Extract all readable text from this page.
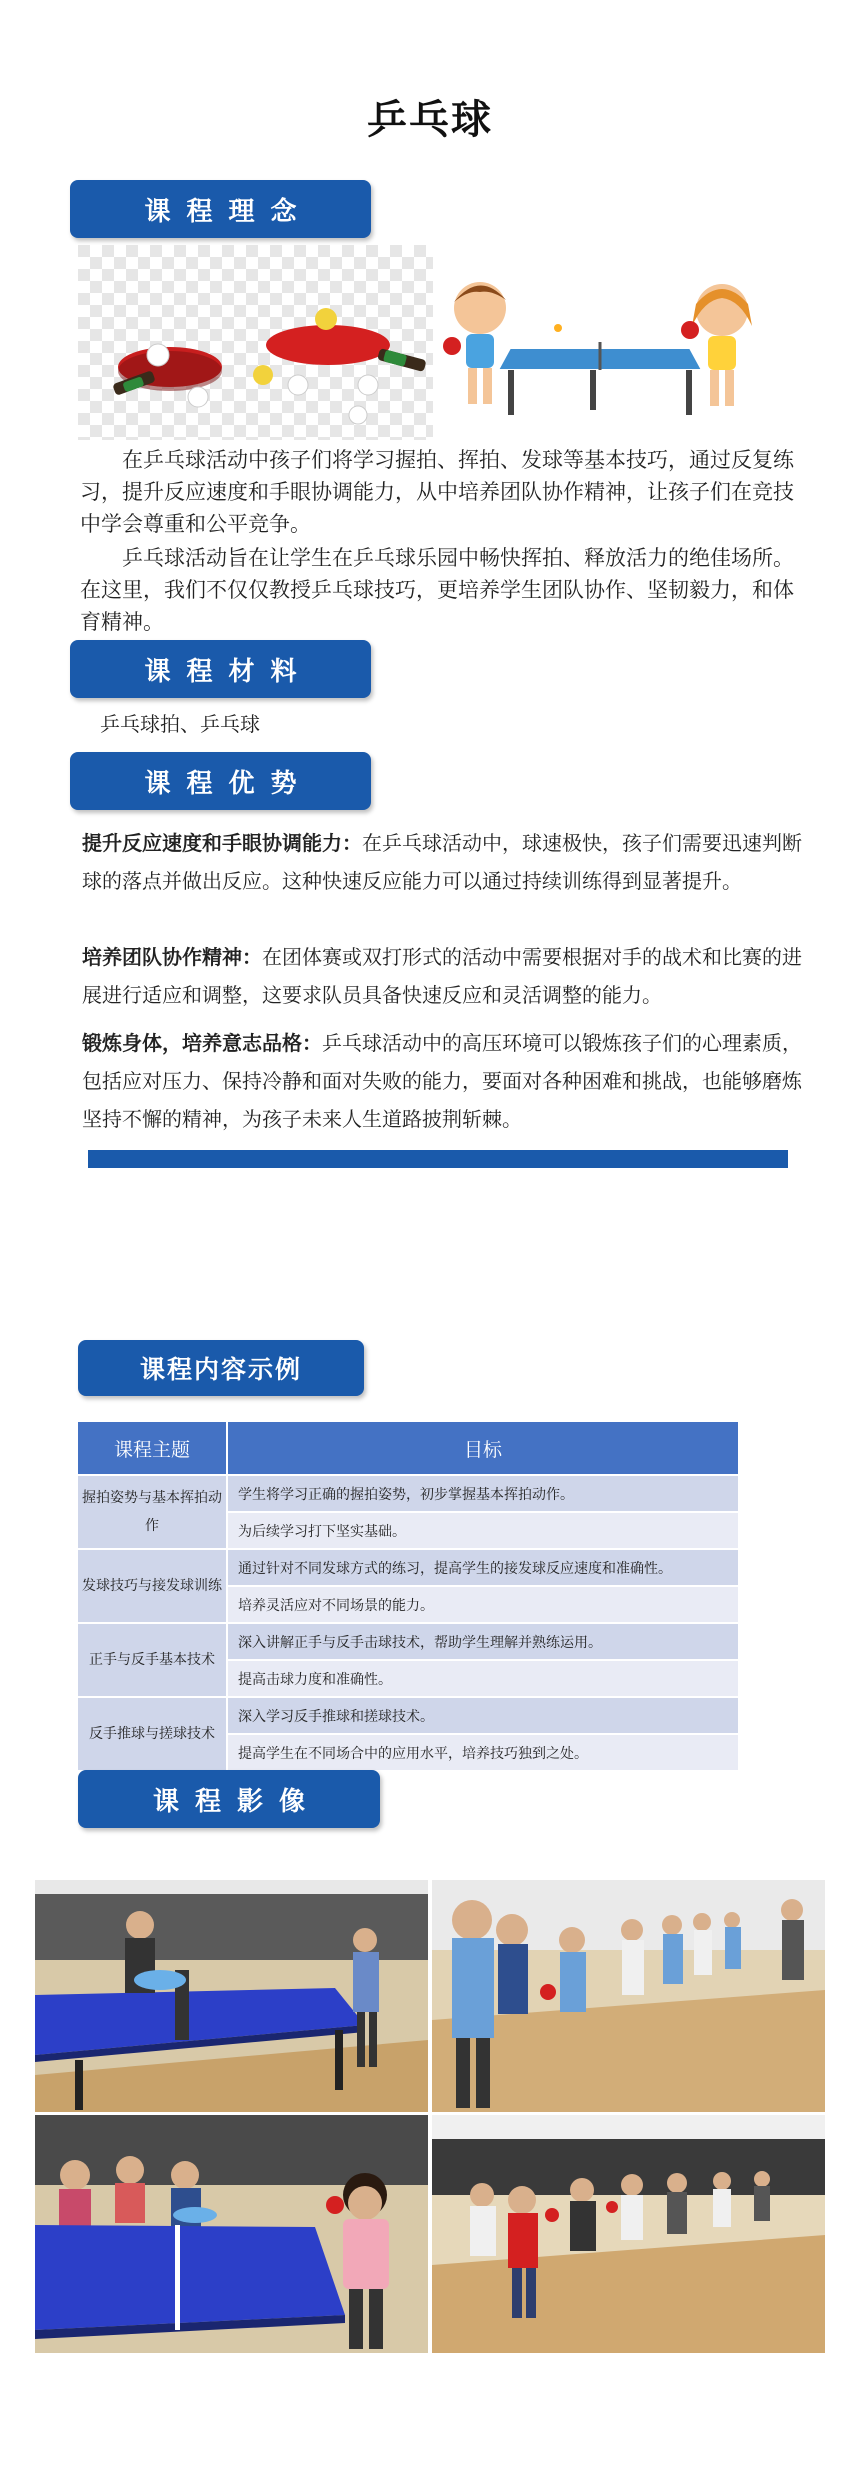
乒乓球
课程理念
在乒乓球活动中孩子们将学习握拍、挥拍、发球等基本技巧，通过反复练习，提升反应速度和手眼协调能力，从中培养团队协作精神，让孩子们在竞技中学会尊重和公平竞争。
乒乓球活动旨在让学生在乒乓球乐园中畅快挥拍、释放活力的绝佳场所。在这里，我们不仅仅教授乒乓球技巧，更培养学生团队协作、坚韧毅力，和体育精神。
课程材料
乒乓球拍、乒乓球
课程优势
提升反应速度和手眼协调能力：在乒乓球活动中，球速极快，孩子们需要迅速判断球的落点并做出反应。这种快速反应能力可以通过持续训练得到显著提升。
培养团队协作精神：在团体赛或双打形式的活动中需要根据对手的战术和比赛的进展进行适应和调整，这要求队员具备快速反应和灵活调整的能力。
锻炼身体，培养意志品格：乒乓球活动中的高压环境可以锻炼孩子们的心理素质，包括应对压力、保持冷静和面对失败的能力，要面对各种困难和挑战，也能够磨炼坚持不懈的精神，为孩子未来人生道路披荆斩棘。
课程内容示例
课程主题	目标
握拍姿势与基本挥拍动作	学生将学习正确的握拍姿势，初步掌握基本挥拍动作。
	为后续学习打下坚实基础。
发球技巧与接发球训练	通过针对不同发球方式的练习，提高学生的接发球反应速度和准确性。
	培养灵活应对不同场景的能力。
正手与反手基本技术	深入讲解正手与反手击球技术，帮助学生理解并熟练运用。
	提高击球力度和准确性。
反手推球与搓球技术	深入学习反手推球和搓球技术。
	提高学生在不同场合中的应用水平，培养技巧独到之处。
课程影像
